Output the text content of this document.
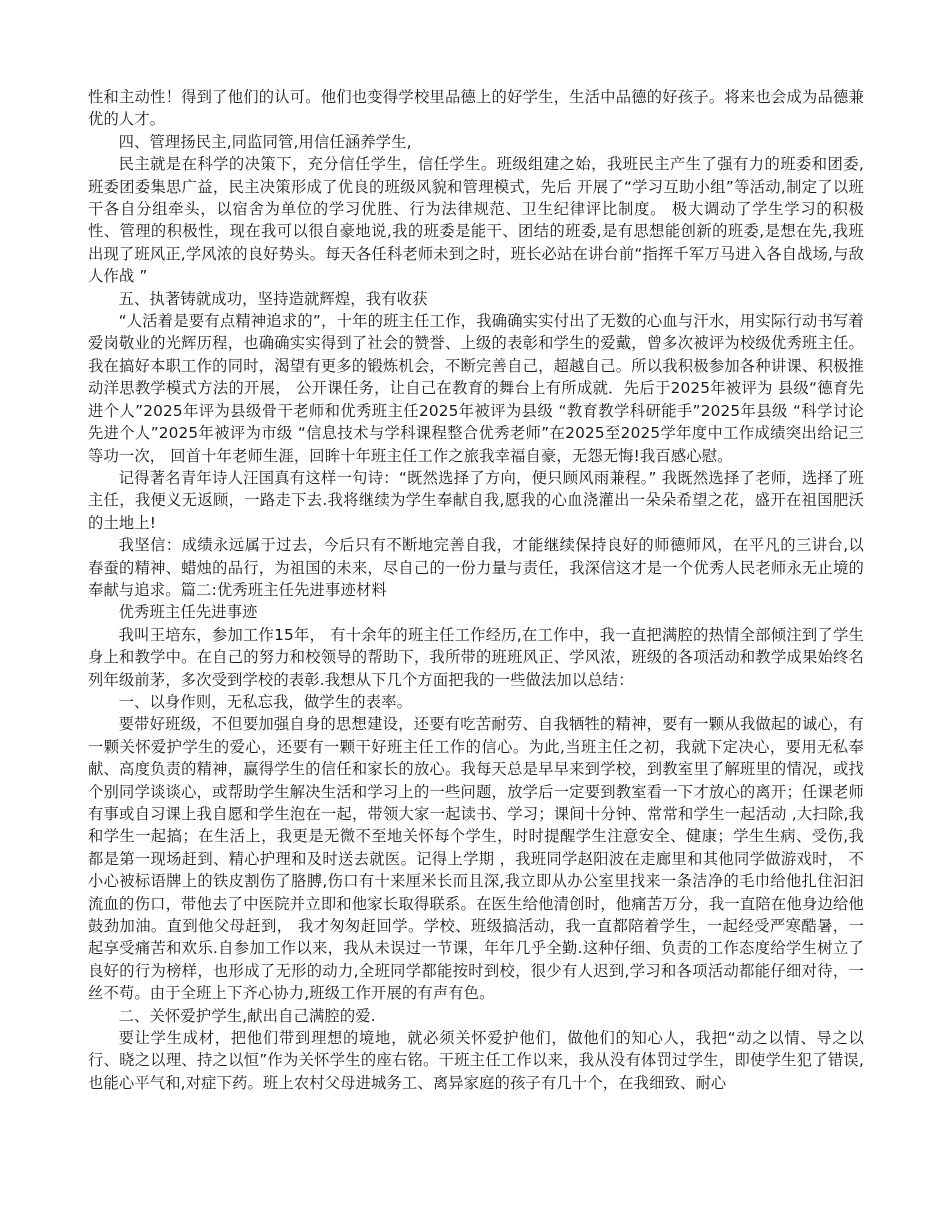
性和主动性！得到了他们的认可。他们也变得学校里品德上的好学生，生活中品德的好孩子。将来也会成为品德兼优的人才。

四、管理扬民主,同监同管,用信任涵养学生,

民主就是在科学的决策下，充分信任学生，信任学生。班级组建之始，我班民主产生了强有力的班委和团委,班委团委集思广益，民主决策形成了优良的班级风貌和管理模式，先后 开展了“学习互助小组”等活动,制定了以班干各自分组牵头，以宿舍为单位的学习优胜、行为法律规范、卫生纪律评比制度。 极大调动了学生学习的积极性、管理的积极性，现在我可以很自豪地说,我的班委是能干、团结的班委,是有思想能创新的班委,是想在先,我班出现了班风正,学风浓的良好势头。每天各任科老师未到之时，班长必站在讲台前“指挥千军万马进入各自战场,与敌人作战 ”

五、执著铸就成功，坚持造就辉煌，我有收获

“人活着是要有点精神追求的”，十年的班主任工作，我确确实实付出了无数的心血与汗水，用实际行动书写着爱岗敬业的光辉历程，也确确实实得到了社会的赞誉、上级的表彰和学生的爱戴，曾多次被评为校级优秀班主任。我在搞好本职工作的同时，渴望有更多的锻炼机会，不断完善自己，超越自己。所以我积极参加各种讲课、积极推动洋思教学模式方法的开展， 公开课任务，让自己在教育的舞台上有所成就．先后于2025年被评为 县级“德育先进个人”2025年评为县级骨干老师和优秀班主任2025年被评为县级 “教育教学科研能手”2025年县级 “科学讨论先进个人”2025年被评为市级 “信息技术与学科课程整合优秀老师”在2025至2025学年度中工作成绩突出给记三等功一次， 回首十年老师生涯，回眸十年班主任工作之旅我幸福自豪，无怨无悔!我百感心慰。

记得著名青年诗人汪国真有这样一句诗：“既然选择了方向，便只顾风雨兼程。” 我既然选择了老师，选择了班主任，我便义无返顾，一路走下去.我将继续为学生奉献自我,愿我的心血浇灌出一朵朵希望之花，盛开在祖国肥沃的土地上!

我坚信：成绩永远属于过去，今后只有不断地完善自我，才能继续保持良好的师德师风，在平凡的三讲台,以春蚕的精神、蜡烛的品行，为祖国的未来，尽自己的一份力量与责任，我深信这才是一个优秀人民老师永无止境的奉献与追求。篇二:优秀班主任先进事迹材料

优秀班主任先进事迹

我叫王培东，参加工作15年， 有十余年的班主任工作经历,在工作中，我一直把满腔的热情全部倾注到了学生身上和教学中。在自己的努力和校领导的帮助下，我所带的班班风正、学风浓，班级的各项活动和教学成果始终名列年级前茅，多次受到学校的表彰.我想从下几个方面把我的一些做法加以总结：

一、以身作则，无私忘我，做学生的表率。

要带好班级，不但要加强自身的思想建设，还要有吃苦耐劳、自我牺牲的精神，要有一颗从我做起的诚心，有一颗关怀爱护学生的爱心，还要有一颗干好班主任工作的信心。为此,当班主任之初，我就下定决心，要用无私奉献、高度负责的精神，赢得学生的信任和家长的放心。我每天总是早早来到学校，到教室里了解班里的情况，或找个别同学谈谈心，或帮助学生解决生活和学习上的一些问题，放学后一定要到教室看一下才放心的离开；任课老师有事或自习课上我自愿和学生泡在一起，带领大家一起读书、学习；课间十分钟、常常和学生一起活动 ,大扫除,我和学生一起搞；在生活上，我更是无微不至地关怀每个学生，时时提醒学生注意安全、健康；学生生病、受伤,我都是第一现场赶到、精心护理和及时送去就医。记得上学期 ，我班同学赵阳波在走廊里和其他同学做游戏时， 不小心被标语牌上的铁皮割伤了胳膊,伤口有十来厘米长而且深,我立即从办公室里找来一条洁净的毛巾给他扎住汩汩流血的伤口，带他去了中医院并立即和他家长取得联系。在医生给他清创时，他痛苦万分，我一直陪在他身边给他鼓劲加油。直到他父母赶到， 我才匆匆赶回学。学校、班级搞活动，我一直都陪着学生，一起经受严寒酷暑，一起享受痛苦和欢乐.自参加工作以来，我从未误过一节课，年年几乎全勤.这种仔细、负责的工作态度给学生树立了良好的行为榜样，也形成了无形的动力,全班同学都能按时到校，很少有人迟到,学习和各项活动都能仔细对待，一丝不苟。由于全班上下齐心协力,班级工作开展的有声有色。

二、关怀爱护学生,献出自己满腔的爱.

要让学生成材，把他们带到理想的境地，就必须关怀爱护他们，做他们的知心人，我把“动之以情、导之以行、晓之以理、持之以恒”作为关怀学生的座右铭。干班主任工作以来，我从没有体罚过学生，即使学生犯了错误,也能心平气和,对症下药。班上农村父母进城务工、离异家庭的孩子有几十个，在我细致、耐心
